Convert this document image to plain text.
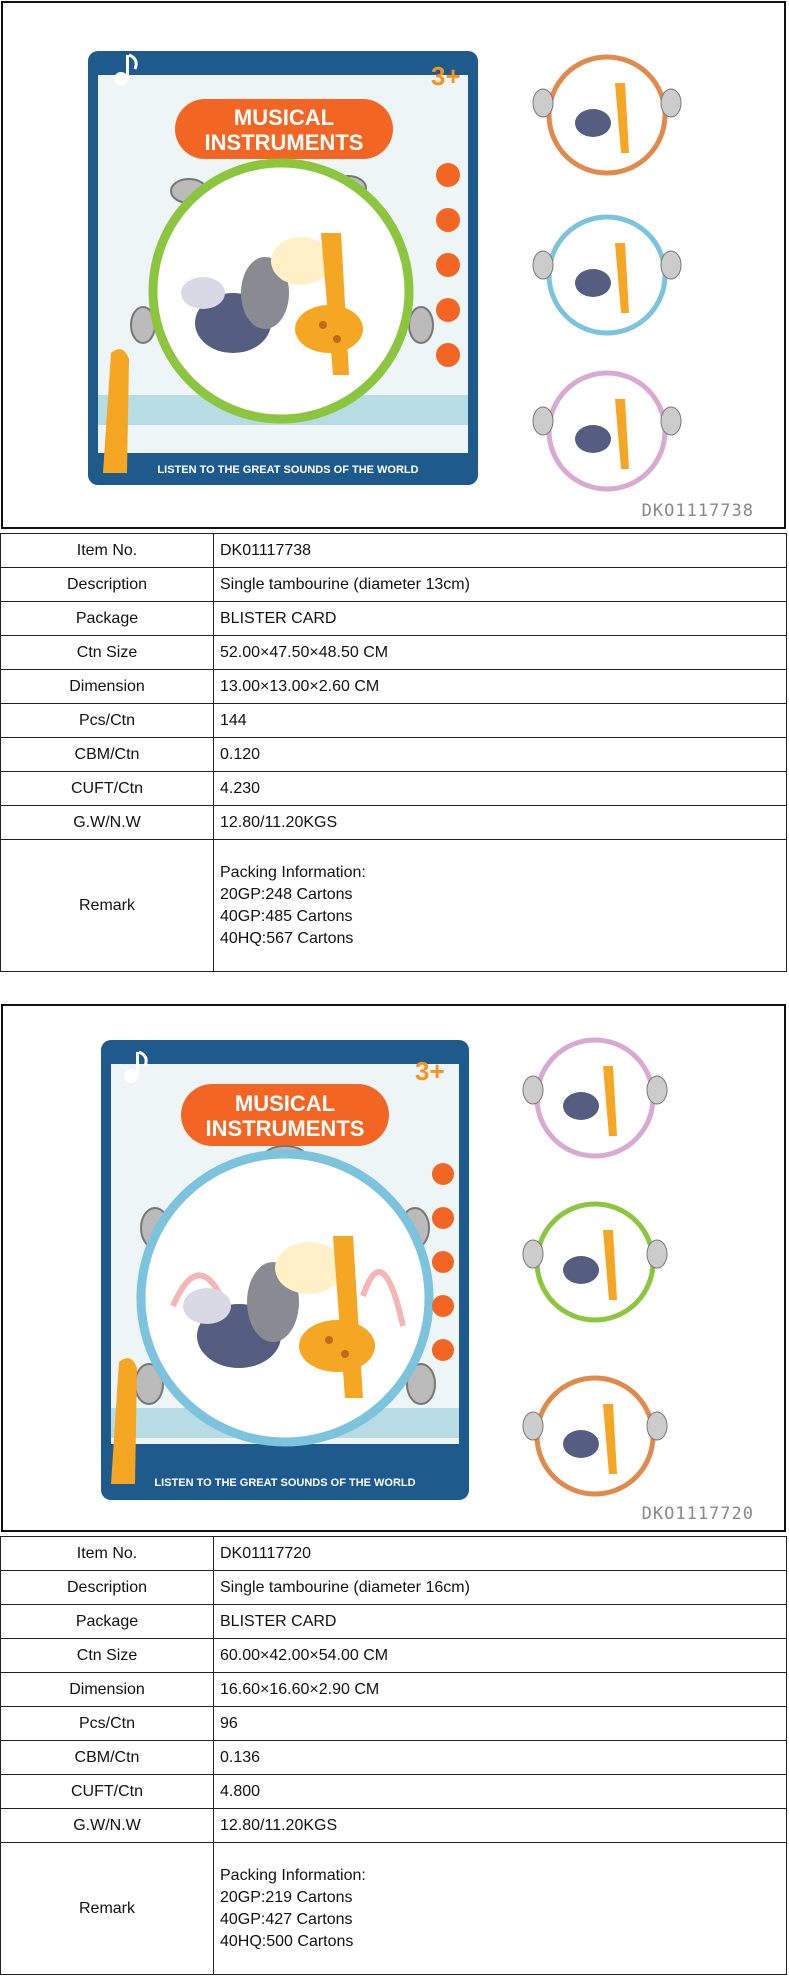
3+
MUSICAL
INSTRUMENTS
LISTEN TO THE GREAT SOUNDS OF THE WORLD
DKO1117738
Item No.	DK01117738
Description	Single tambourine (diameter 13cm)
Package	BLISTER CARD
Ctn Size	52.00×47.50×48.50 CM
Dimension	13.00×13.00×2.60 CM
Pcs/Ctn	144
CBM/Ctn	0.120
CUFT/Ctn	4.230
G.W/N.W	12.80/11.20KGS
Remark	Packing Information:
20GP:248 Cartons
40GP:485 Cartons
40HQ:567 Cartons
3+
MUSICAL
INSTRUMENTS
LISTEN TO THE GREAT SOUNDS OF THE WORLD
DKO1117720
Item No.	DK01117720
Description	Single tambourine (diameter 16cm)
Package	BLISTER CARD
Ctn Size	60.00×42.00×54.00 CM
Dimension	16.60×16.60×2.90 CM
Pcs/Ctn	96
CBM/Ctn	0.136
CUFT/Ctn	4.800
G.W/N.W	12.80/11.20KGS
Remark	Packing Information:
20GP:219 Cartons
40GP:427 Cartons
40HQ:500 Cartons
